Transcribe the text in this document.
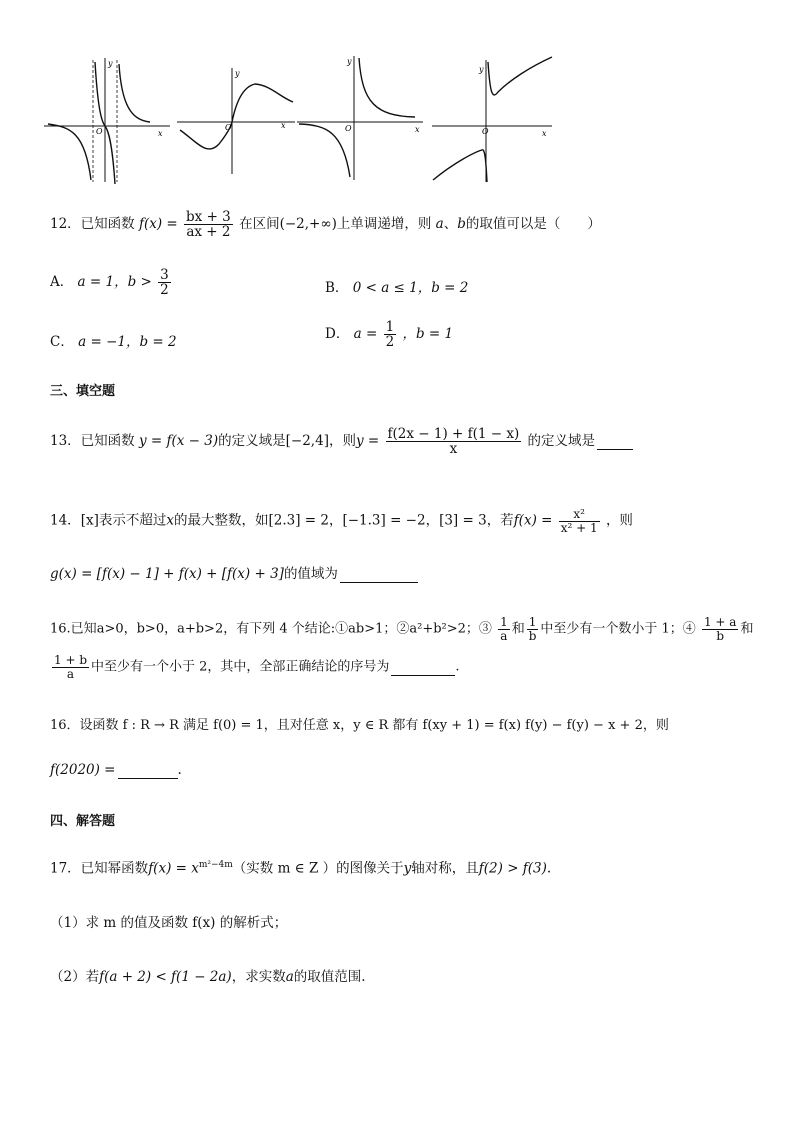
y
x
O
y
x
O
y
x
O
y
x
O
12．已知函数 $f(x) = \frac{bx + 3}{ax + 2}$ 在区间(−2,+∞)上单调递增，则 a、b的取值可以是（　　）
A． a = 1，$b > \frac{3}{2}$	B． 0 < a ≤ 1，b = 2
C． a = −1，b = 2	D． $a = \frac{1}{2}$ ，b = 1
三、填空题
13．已知函数 y = f(x − 3)的定义域是[−2,4]，则$y = \frac{f(2x - 1) + f(1 - x)}{x}$ 的定义域是
14．[x]表示不超过x的最大整数，如[2.3] = 2，[−1.3] = −2，[3] = 3，若$f(x) = \frac{\text{x²}}{\text{x² + 1}}$ ，则
g(x) = [f(x) − 1] + f(x) + [f(x) + 3]的值域为
16.已知a>0，b>0，a+b>2，有下列 4 个结论:①ab>1；②a²+b²>2；③ $\frac{1}{a}$ 和 $\frac{1}{b}$ 中至少有一个数小于 1；④ $\frac{1 + a}{b}$ 和
$\frac{1 + b}{a}$ 中至少有一个小于 2，其中，全部正确结论的序号为	.
16．设函数 f : R → R 满足 f(0) = 1，且对任意 x，y ∈ R 都有 f(xy + 1) = f(x) f(y) − f(y) − x + 2，则
f(2020) =	.
四、解答题
17．已知幂函数$f(x) = x^{m^2-4m}$（实数 m ∈ Z ）的图像关于y轴对称，且f(2) > f(3).
（1）求 m 的值及函数 f(x) 的解析式；
（2）若f(a + 2) < f(1 − 2a)，求实数a的取值范围.
